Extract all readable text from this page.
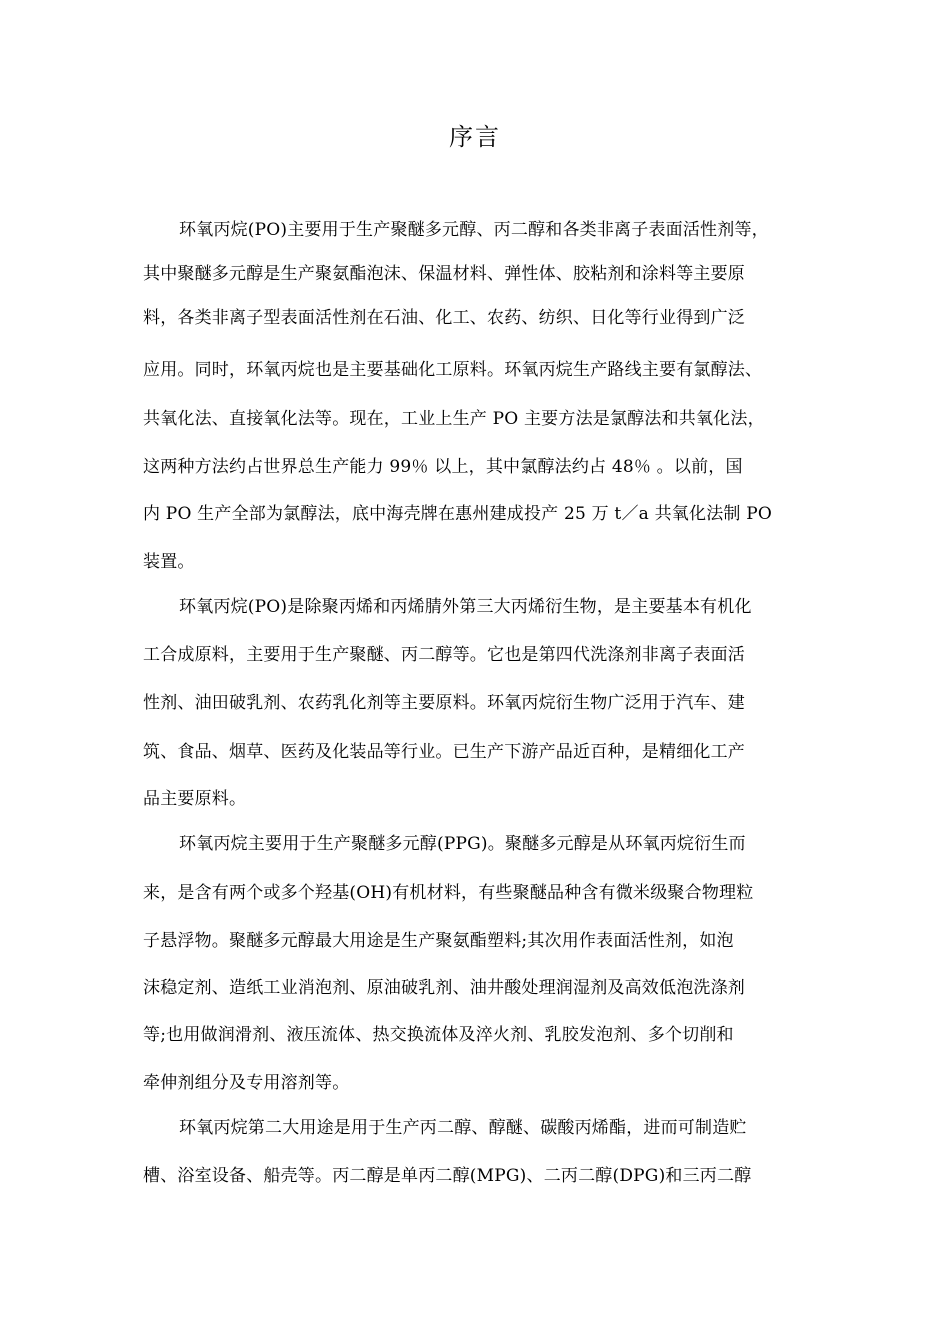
序言
环氧丙烷(PO)主要用于生产聚醚多元醇、丙二醇和各类非离子表面活性剂等，
其中聚醚多元醇是生产聚氨酯泡沫、保温材料、弹性体、胶粘剂和涂料等主要原
料，各类非离子型表面活性剂在石油、化工、农药、纺织、日化等行业得到广泛
应用。同时，环氧丙烷也是主要基础化工原料。环氧丙烷生产路线主要有氯醇法、
共氧化法、直接氧化法等。现在，工业上生产 PO 主要方法是氯醇法和共氧化法，
这两种方法约占世界总生产能力 99％ 以上，其中氯醇法约占 48％ 。以前，国
内 PO 生产全部为氯醇法，底中海壳牌在惠州建成投产 25 万 t／a 共氧化法制 PO
装置。
环氧丙烷(PO)是除聚丙烯和丙烯腈外第三大丙烯衍生物，是主要基本有机化
工合成原料，主要用于生产聚醚、丙二醇等。它也是第四代洗涤剂非离子表面活
性剂、油田破乳剂、农药乳化剂等主要原料。环氧丙烷衍生物广泛用于汽车、建
筑、食品、烟草、医药及化装品等行业。已生产下游产品近百种，是精细化工产
品主要原料。
环氧丙烷主要用于生产聚醚多元醇(PPG)。聚醚多元醇是从环氧丙烷衍生而
来，是含有两个或多个羟基(OH)有机材料，有些聚醚品种含有微米级聚合物理粒
子悬浮物。聚醚多元醇最大用途是生产聚氨酯塑料;其次用作表面活性剂，如泡
沫稳定剂、造纸工业消泡剂、原油破乳剂、油井酸处理润湿剂及高效低泡洗涤剂
等;也用做润滑剂、液压流体、热交换流体及淬火剂、乳胶发泡剂、多个切削和
牵伸剂组分及专用溶剂等。
环氧丙烷第二大用途是用于生产丙二醇、醇醚、碳酸丙烯酯，进而可制造贮
槽、浴室设备、船壳等。丙二醇是单丙二醇(MPG)、二丙二醇(DPG)和三丙二醇
